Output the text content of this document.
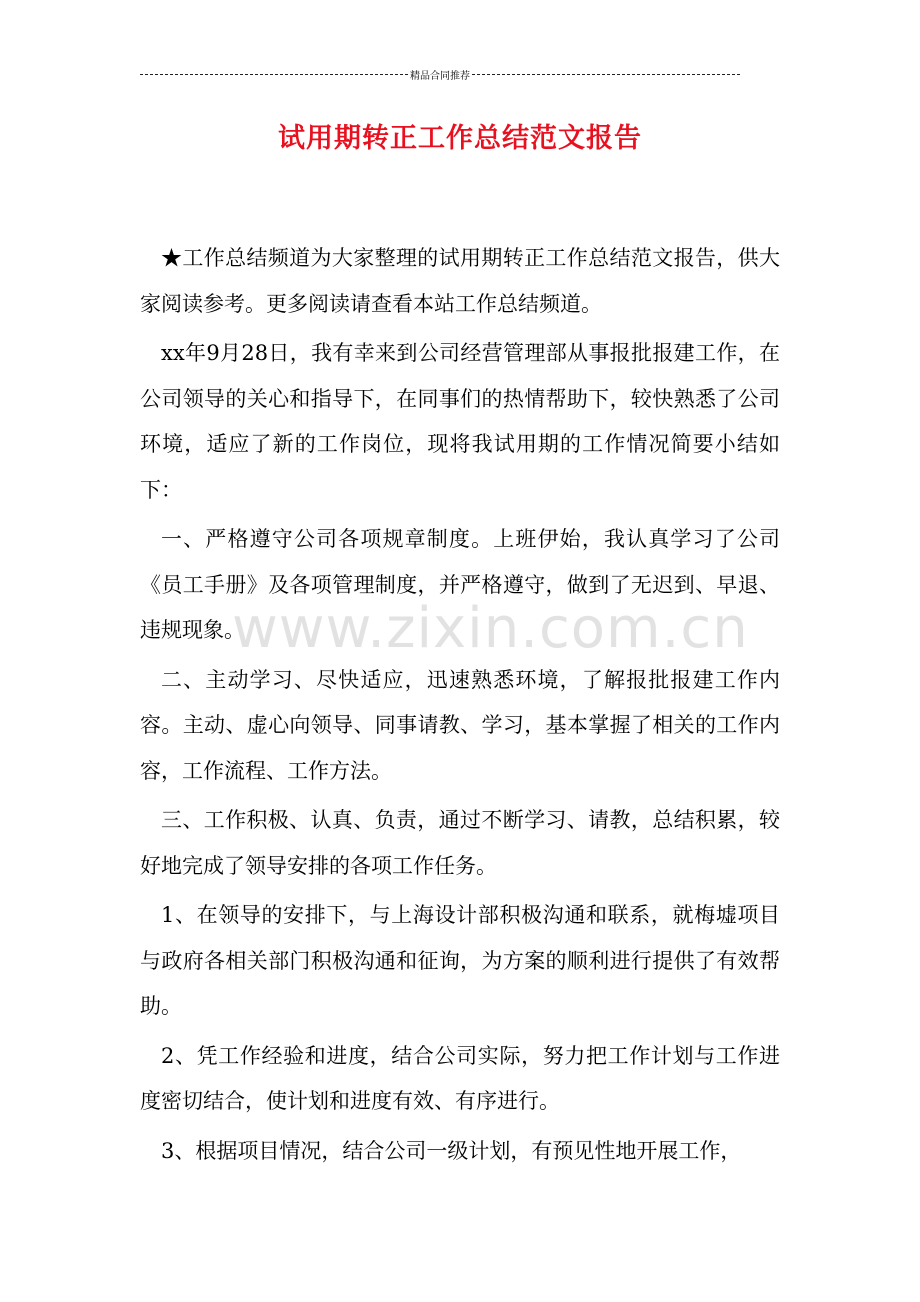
精品合同推荐
试用期转正工作总结范文报告

★工作总结频道为大家整理的试用期转正工作总结范文报告，供大家阅读参考。更多阅读请查看本站工作总结频道。

xx年9月28日，我有幸来到公司经营管理部从事报批报建工作，在公司领导的关心和指导下，在同事们的热情帮助下，较快熟悉了公司环境，适应了新的工作岗位，现将我试用期的工作情况简要小结如下：

一、严格遵守公司各项规章制度。上班伊始，我认真学习了公司《员工手册》及各项管理制度，并严格遵守，做到了无迟到、早退、违规现象。

二、主动学习、尽快适应，迅速熟悉环境，了解报批报建工作内容。主动、虚心向领导、同事请教、学习，基本掌握了相关的工作内容，工作流程、工作方法。

三、工作积极、认真、负责，通过不断学习、请教，总结积累，较好地完成了领导安排的各项工作任务。

1、在领导的安排下，与上海设计部积极沟通和联系，就梅墟项目与政府各相关部门积极沟通和征询，为方案的顺利进行提供了有效帮助。

2、凭工作经验和进度，结合公司实际，努力把工作计划与工作进度密切结合，使计划和进度有效、有序进行。

3、根据项目情况，结合公司一级计划，有预见性地开展工作，

www.zixin.com.cn
